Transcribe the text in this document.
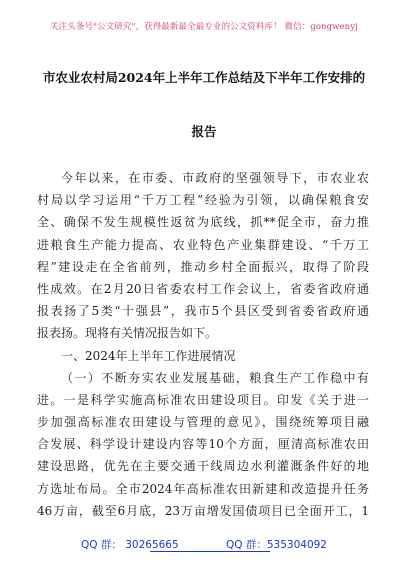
关注头条号"公文研究"，获得最新最全最专业的公文资料库！ 微信：gongwenyj
市农业农村局2024年上半年工作总结及下半年工作安排的
报告
今年以来，在市委、市政府的坚强领导下，市农业农
村局以学习运用“千万工程”经验为引领，以确保粮食安
全、确保不发生规模性返贫为底线，抓**促全市，奋力推
进粮食生产能力提高、农业特色产业集群建设、“千万工
程”建设走在全省前列，推动乡村全面振兴，取得了阶段
性成效。在2月20日省委农村工作会议上，省委省政府通
报表扬了5类“十强县”，我市5个县区受到省委省政府通
报表扬。现将有关情况报告如下。
一、2024年上半年工作进展情况
（一）不断夯实农业发展基础，粮食生产工作稳中有
进。一是科学实施高标准农田建设项目。印发《关于进一
步加强高标准农田建设与管理的意见》，围绕统筹项目融
合发展、科学设计建设内容等10个方面，厘清高标准农田
建设思路，优先在主要交通干线周边水利灌溉条件好的地
方选址布局。全市2024年高标准农田新建和改造提升任务
46万亩，截至6月底，23万亩增发国债项目已全面开工，1
QQ 群： 30265665	QQ 群：535304092
